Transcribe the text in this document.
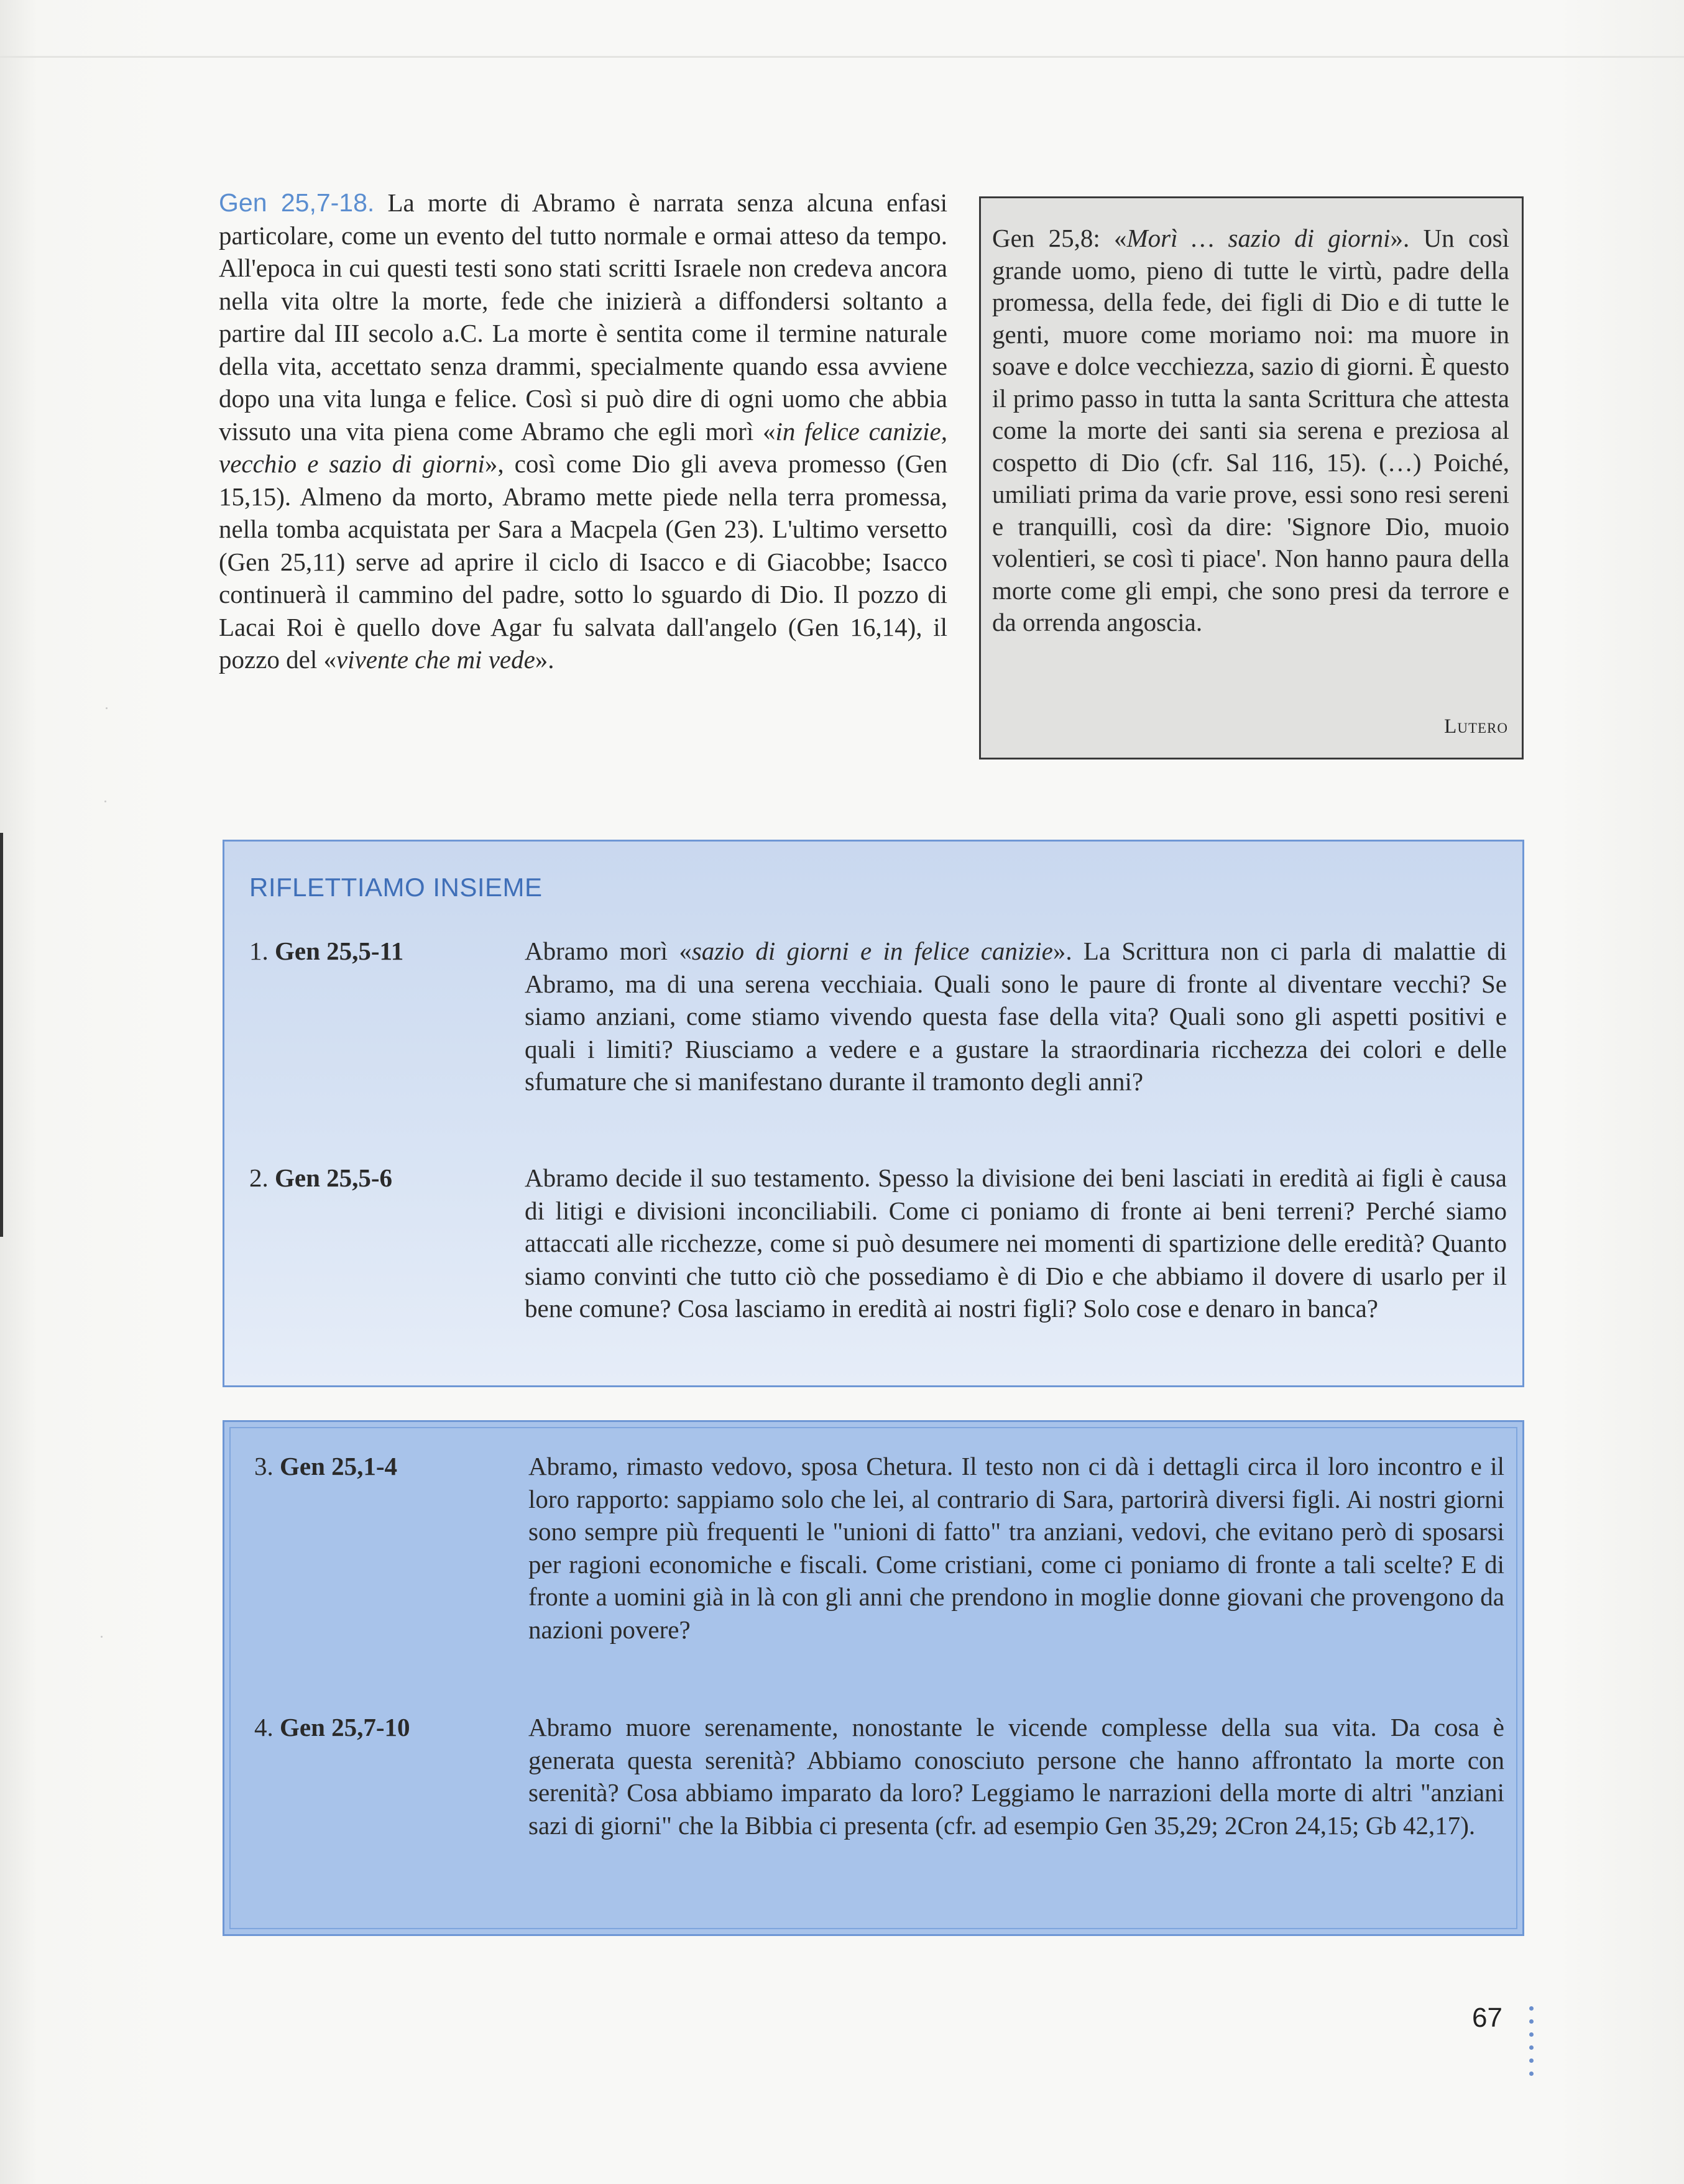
Gen 25,7-18. La morte di Abramo è narrata senza alcuna enfasi particolare, come un evento del tutto normale e ormai atteso da tempo. All'epoca in cui questi testi sono stati scritti Israele non credeva ancora nella vita oltre la morte, fede che inizierà a diffondersi soltanto a partire dal III secolo a.C. La morte è sentita come il termine naturale della vita, accettato senza drammi, specialmente quando essa avviene dopo una vita lunga e felice. Così si può dire di ogni uomo che abbia vissuto una vita piena come Abramo che egli morì «in felice canizie, vecchio e sazio di giorni», così come Dio gli aveva promesso (Gen 15,15). Almeno da morto, Abramo mette piede nella terra promessa, nella tomba acquistata per Sara a Macpela (Gen 23). L'ultimo versetto (Gen 25,11) serve ad aprire il ciclo di Isacco e di Giacobbe; Isacco continuerà il cammino del padre, sotto lo sguardo di Dio. Il pozzo di Lacai Roi è quello dove Agar fu salvata dall'angelo (Gen 16,14), il pozzo del «vivente che mi vede».
Gen 25,8: «Morì … sazio di giorni». Un così grande uomo, pieno di tutte le virtù, padre della promessa, della fede, dei figli di Dio e di tutte le genti, muore come moriamo noi: ma muore in soave e dolce vecchiezza, sazio di giorni. È questo il primo passo in tutta la santa Scrittura che attesta come la morte dei santi sia serena e preziosa al cospetto di Dio (cfr. Sal 116, 15). (…) Poiché, umiliati prima da varie prove, essi sono resi sereni e tranquilli, così da dire: 'Signore Dio, muoio volentieri, se così ti piace'. Non hanno paura della morte come gli empi, che sono presi da terrore e da orrenda angoscia.
Lutero
RIFLETTIAMO INSIEME
1. Gen 25,5-11	Abramo morì «sazio di giorni e in felice canizie». La Scrittura non ci parla di malattie di Abramo, ma di una serena vecchiaia. Quali sono le paure di fronte al diventare vecchi? Se siamo anziani, come stiamo vivendo questa fase della vita? Quali sono gli aspetti positivi e quali i limiti? Riusciamo a vedere e a gustare la straordinaria ricchezza dei colori e delle sfumature che si manifestano durante il tramonto degli anni?
2. Gen 25,5-6	Abramo decide il suo testamento. Spesso la divisione dei beni lasciati in eredità ai figli è causa di litigi e divisioni inconciliabili. Come ci poniamo di fronte ai beni terreni? Perché siamo attaccati alle ricchezze, come si può desumere nei momenti di spartizione delle eredità? Quanto siamo convinti che tutto ciò che possediamo è di Dio e che abbiamo il dovere di usarlo per il bene comune? Cosa lasciamo in eredità ai nostri figli? Solo cose e denaro in banca?
3. Gen 25,1-4	Abramo, rimasto vedovo, sposa Chetura. Il testo non ci dà i dettagli circa il loro incontro e il loro rapporto: sappiamo solo che lei, al contrario di Sara, partorirà diversi figli. Ai nostri giorni sono sempre più frequenti le "unioni di fatto" tra anziani, vedovi, che evitano però di sposarsi per ragioni economiche e fiscali. Come cristiani, come ci poniamo di fronte a tali scelte? E di fronte a uomini già in là con gli anni che prendono in moglie donne giovani che provengono da nazioni povere?
4. Gen 25,7-10	Abramo muore serenamente, nonostante le vicende complesse della sua vita. Da cosa è generata questa serenità? Abbiamo conosciuto persone che hanno affrontato la morte con serenità? Cosa abbiamo imparato da loro? Leggiamo le narrazioni della morte di altri "anziani sazi di giorni" che la Bibbia ci presenta (cfr. ad esempio Gen 35,29; 2Cron 24,15; Gb 42,17).
67
